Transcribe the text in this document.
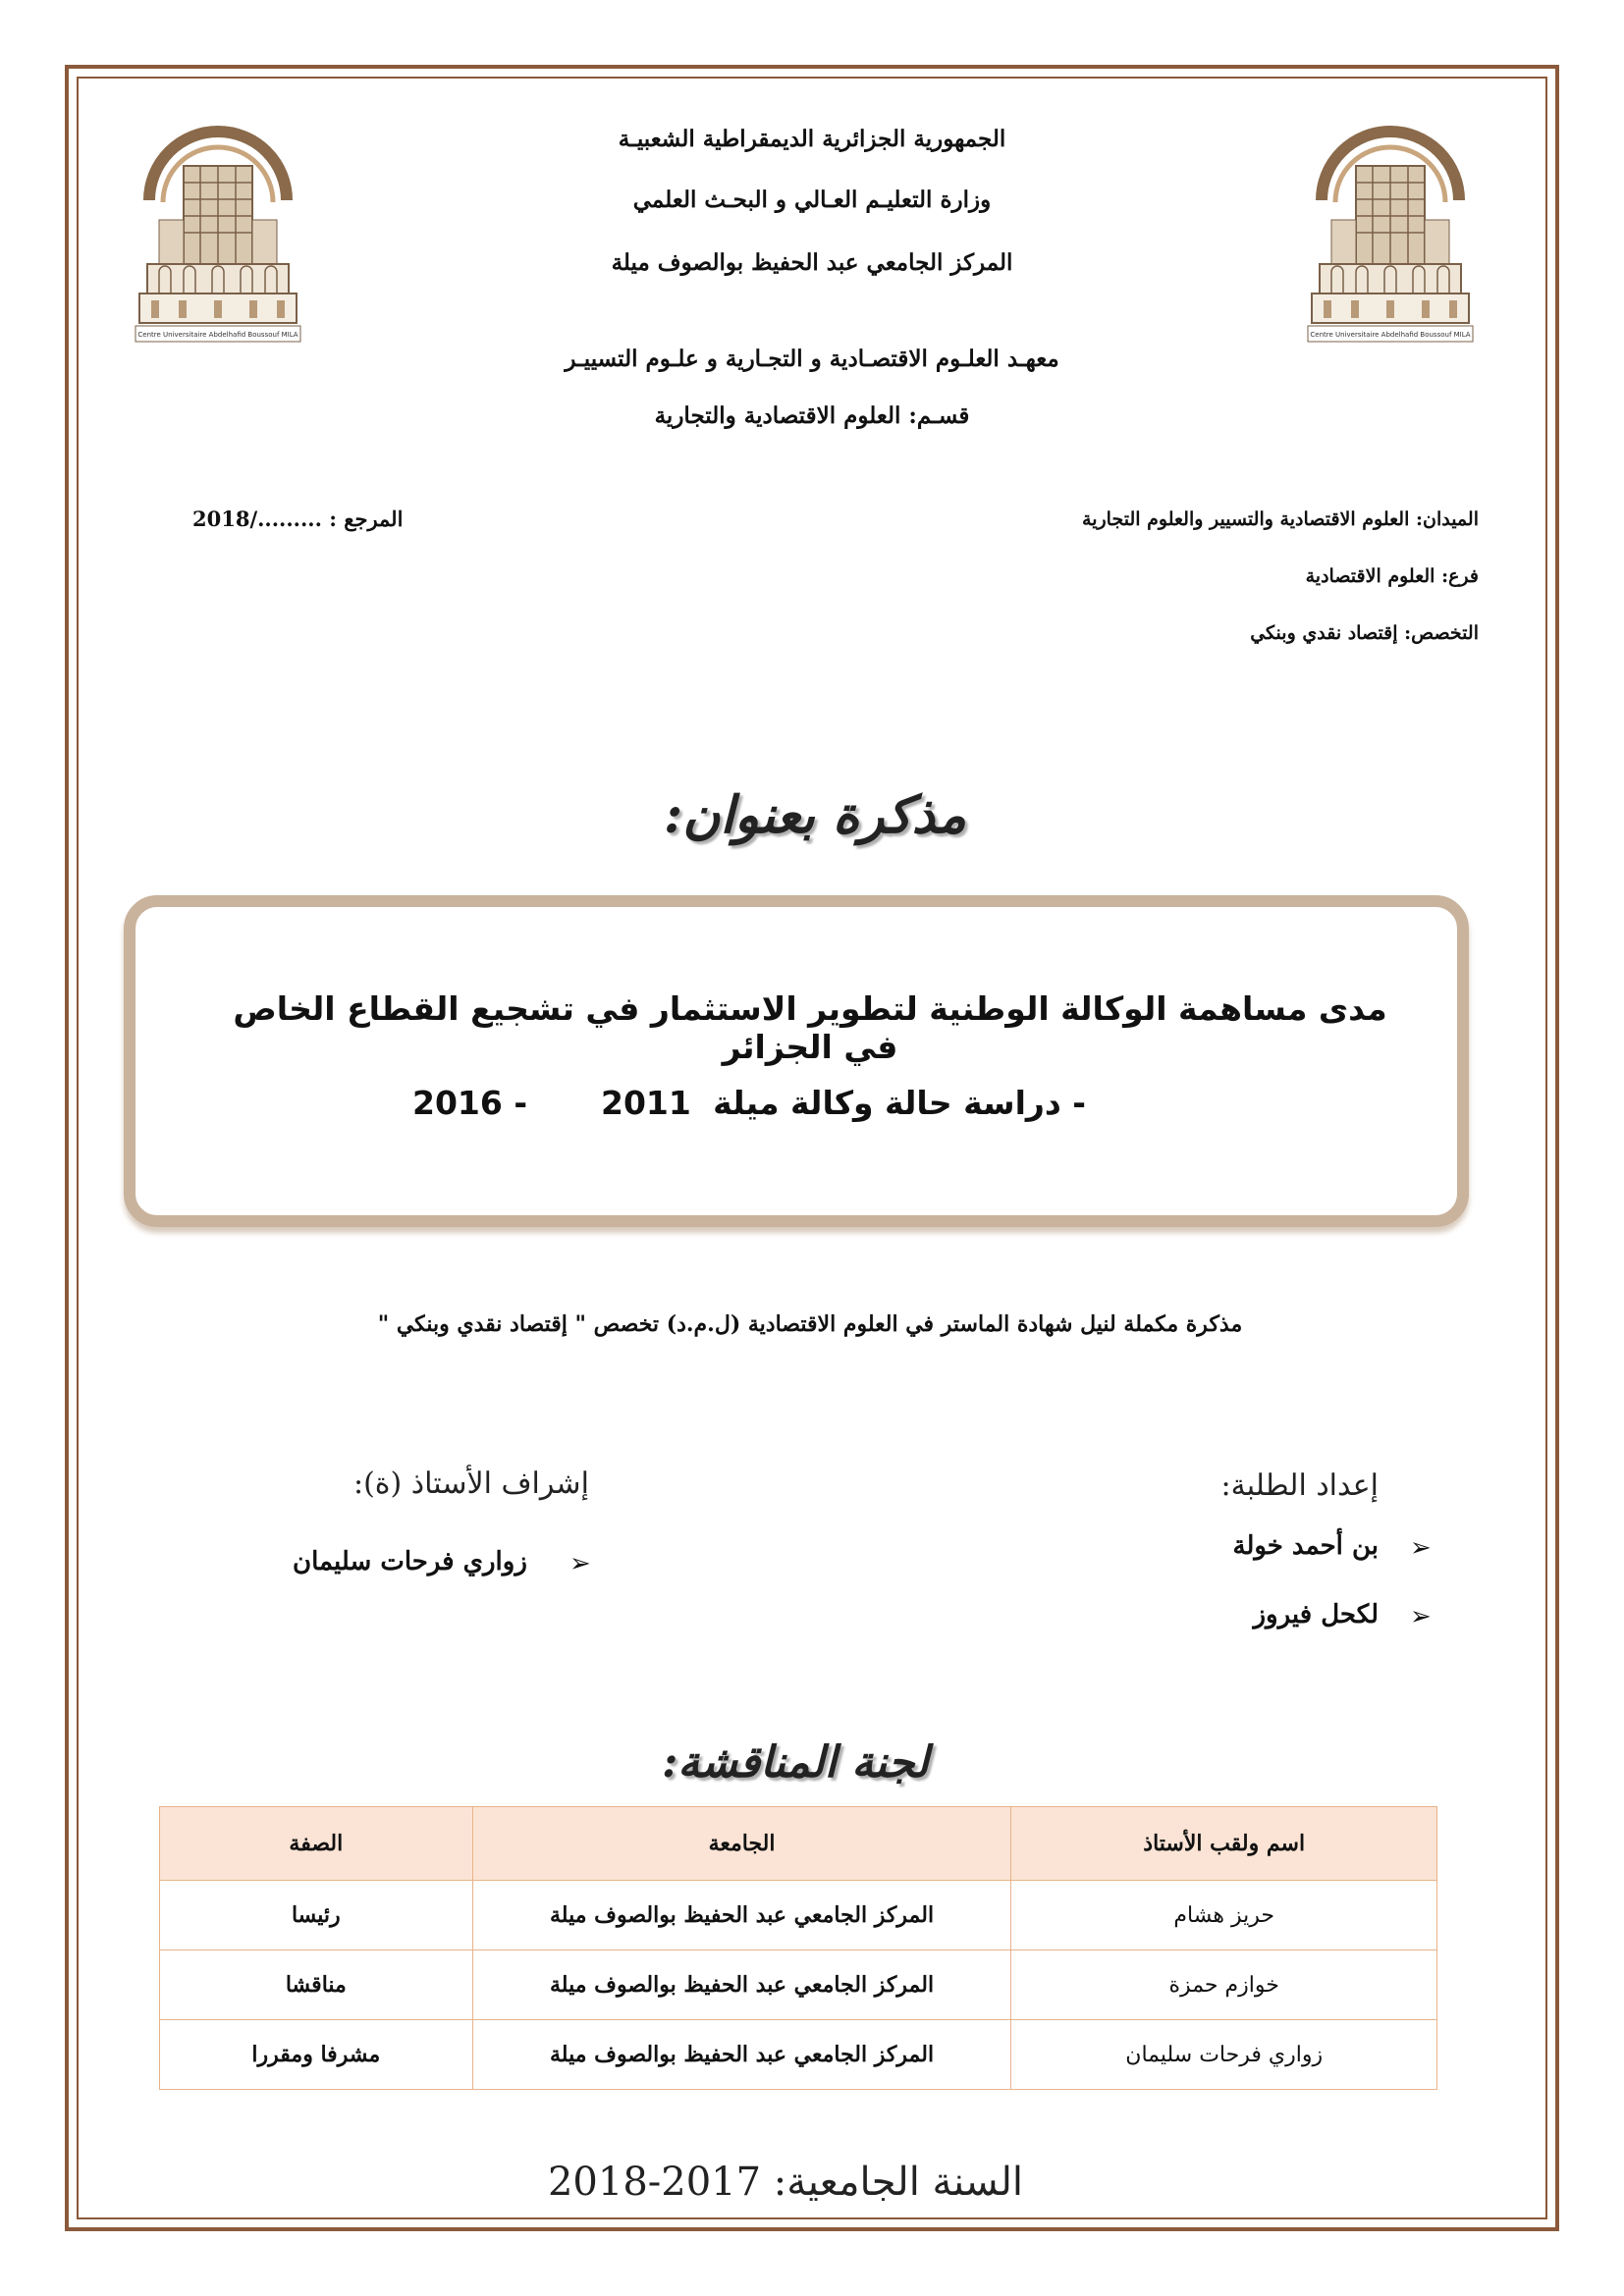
Centre Universitaire Abdelhafid Boussouf MILA	Centre Universitaire Abdelhafid Boussouf MILA
الجمهورية الجزائرية الديمقراطية الشعبيـة
وزارة التعليـم العـالي و البحـث العلمي
المركز الجامعي عبد الحفيظ بوالصوف ميلة
معهـد العلـوم الاقتصـادية و التجـارية و علـوم التسييـر
قسـم: العلوم الاقتصادية والتجارية
الميدان: العلوم الاقتصادية والتسيير والعلوم التجارية
فرع: العلوم الاقتصادية
التخصص: إقتصاد نقدي وبنكي
المرجع : ........./2018
مذكرة بعنوان:
مدى مساهمة الوكالة الوطنية لتطوير الاستثمار في تشجيع القطاع الخاص في الجزائر
- دراسة حالة وكالة ميلة
2011
2016 -
مذكرة مكملة لنيل شهادة الماستر في العلوم الاقتصادية (ل.م.د) تخصص " إقتصاد نقدي وبنكي "
إعداد الطلبة:
➢
بن أحمد خولة
➢
لكحل فيروز
إشراف الأستاذ (ة):
➢
زواري فرحات سليمان
لجنة المناقشة:
اسم ولقب الأستاذ	الجامعة	الصفة
حريز هشام	المركز الجامعي عبد الحفيظ بوالصوف ميلة	رئيسا
خوازم حمزة	المركز الجامعي عبد الحفيظ بوالصوف ميلة	مناقشا
زواري فرحات سليمان	المركز الجامعي عبد الحفيظ بوالصوف ميلة	مشرفا ومقررا
السنة الجامعية: 2017-2018
